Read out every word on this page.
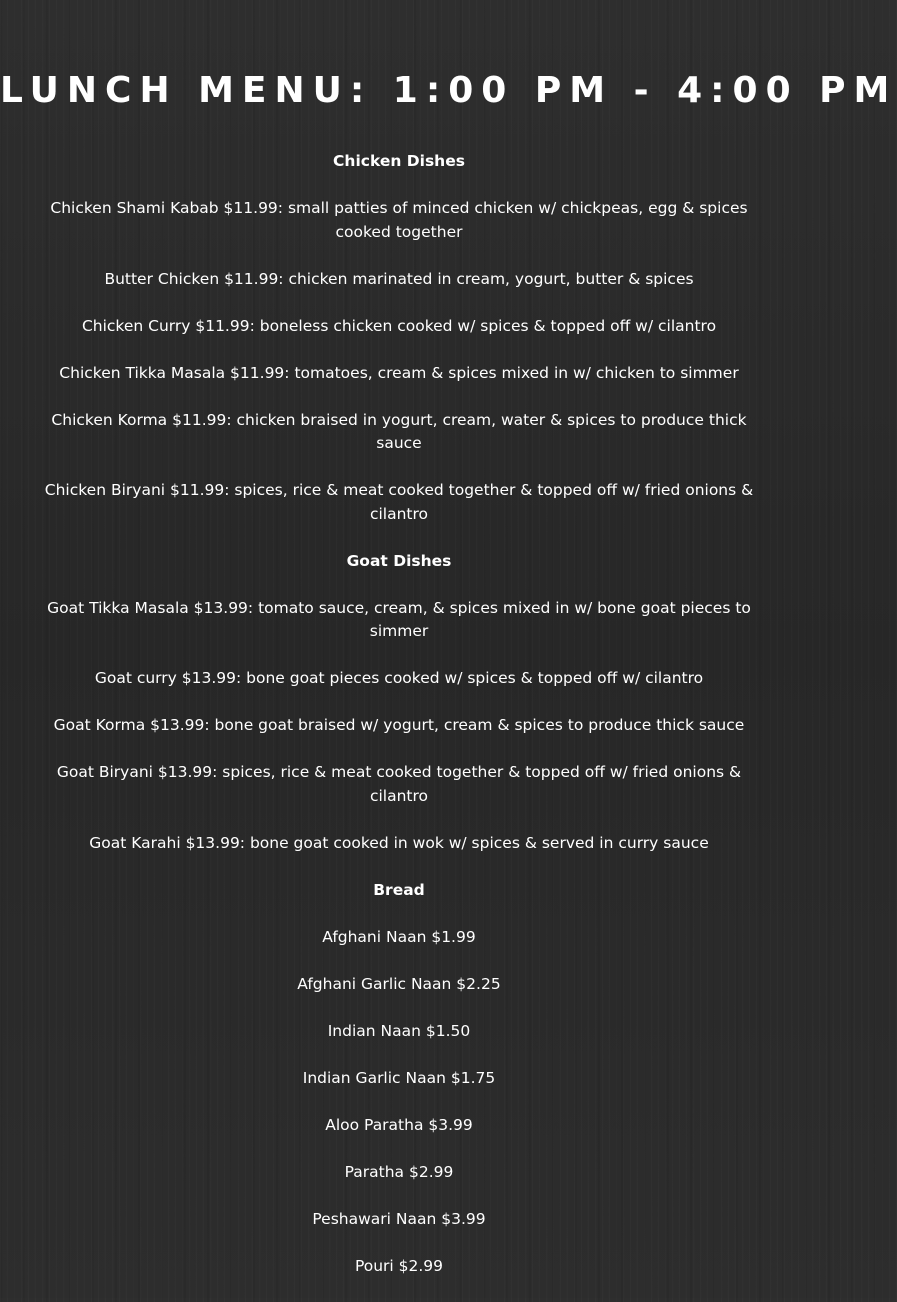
LUNCH MENU: 1:00 PM - 4:00 PM
Chicken Dishes
Chicken Shami Kabab $11.99: small patties of minced chicken w/ chickpeas, egg & spices cooked together
Butter Chicken $11.99: chicken marinated in cream, yogurt, butter & spices
Chicken Curry $11.99: boneless chicken cooked w/ spices & topped off w/ cilantro
Chicken Tikka Masala $11.99: tomatoes, cream & spices mixed in w/ chicken to simmer
Chicken Korma $11.99: chicken braised in yogurt, cream, water & spices to produce thick sauce
Chicken Biryani $11.99: spices, rice & meat cooked together & topped off w/ fried onions & cilantro
Goat Dishes
Goat Tikka Masala $13.99: tomato sauce, cream, & spices mixed in w/ bone goat pieces to simmer
Goat curry $13.99: bone goat pieces cooked w/ spices & topped off w/ cilantro
Goat Korma $13.99: bone goat braised w/ yogurt, cream & spices to produce thick sauce
Goat Biryani $13.99: spices, rice & meat cooked together & topped off w/ fried onions & cilantro
Goat Karahi $13.99: bone goat cooked in wok w/ spices & served in curry sauce
Bread
Afghani Naan $1.99
Afghani Garlic Naan $2.25
Indian Naan $1.50
Indian Garlic Naan $1.75
Aloo Paratha $3.99
Paratha $2.99
Peshawari Naan $3.99
Pouri $2.99
